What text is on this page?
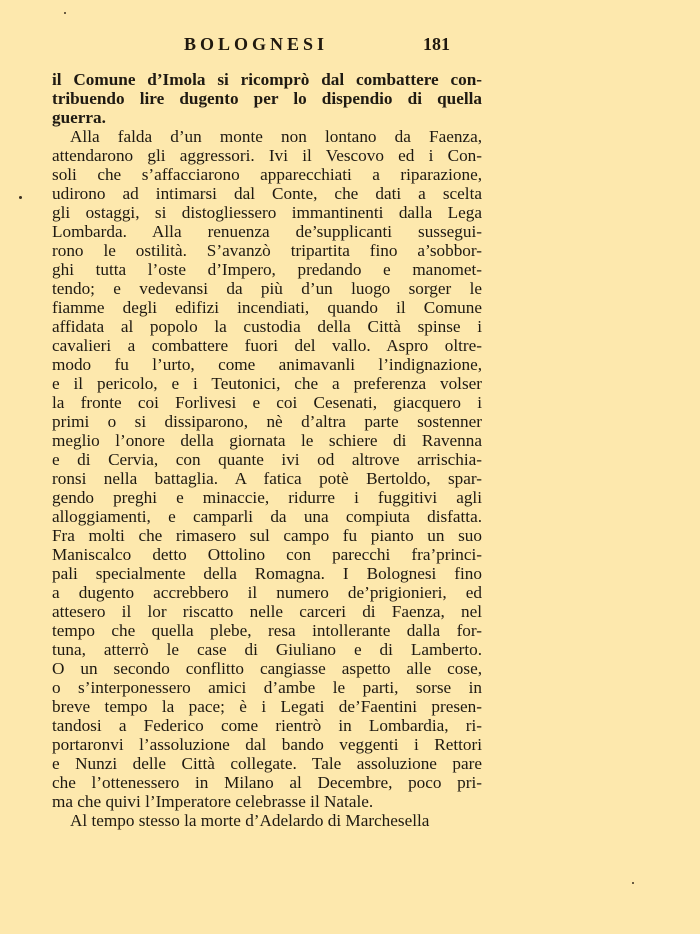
BOLOGNESI	181
il Comune d’Imola si ricomprò dal combattere con-
tribuendo lire dugento per lo dispendio di quella
guerra.
Alla falda d’un monte non lontano da Faenza,
attendarono gli aggressori. Ivi il Vescovo ed i Con-
soli che s’affacciarono apparecchiati a riparazione,
udirono ad intimarsi dal Conte, che dati a scelta
gli ostaggi, si distogliessero immantinenti dalla Lega
Lombarda. Alla renuenza de’supplicanti sussegui-
rono le ostilità. S’avanzò tripartita fino a’sobbor-
ghi tutta l’oste d’Impero, predando e manomet-
tendo; e vedevansi da più d’un luogo sorger le
fiamme degli edifizi incendiati, quando il Comune
affidata al popolo la custodia della Città spinse i
cavalieri a combattere fuori del vallo. Aspro oltre-
modo fu l’urto, come animavanli l’indignazione,
e il pericolo, e i Teutonici, che a preferenza volser
la fronte coi Forlivesi e coi Cesenati, giacquero i
primi o si dissiparono, nè d’altra parte sostenner
meglio l’onore della giornata le schiere di Ravenna
e di Cervia, con quante ivi od altrove arrischia-
ronsi nella battaglia. A fatica potè Bertoldo, spar-
gendo preghi e minaccie, ridurre i fuggitivi agli
alloggiamenti, e camparli da una compiuta disfatta.
Fra molti che rimasero sul campo fu pianto un suo
Maniscalco detto Ottolino con parecchi fra’princi-
pali specialmente della Romagna. I Bolognesi fino
a dugento accrebbero il numero de’prigionieri, ed
attesero il lor riscatto nelle carceri di Faenza, nel
tempo che quella plebe, resa intollerante dalla for-
tuna, atterrò le case di Giuliano e di Lamberto.
O un secondo conflitto cangiasse aspetto alle cose,
o s’interponessero amici d’ambe le parti, sorse in
breve tempo la pace; è i Legati de’Faentini presen-
tandosi a Federico come rientrò in Lombardia, ri-
portaronvi l’assoluzione dal bando veggenti i Rettori
e Nunzi delle Città collegate. Tale assoluzione pare
che l’ottenessero in Milano al Decembre, poco pri-
ma che quivi l’Imperatore celebrasse il Natale.
Al tempo stesso la morte d’Adelardo di Marchesella
